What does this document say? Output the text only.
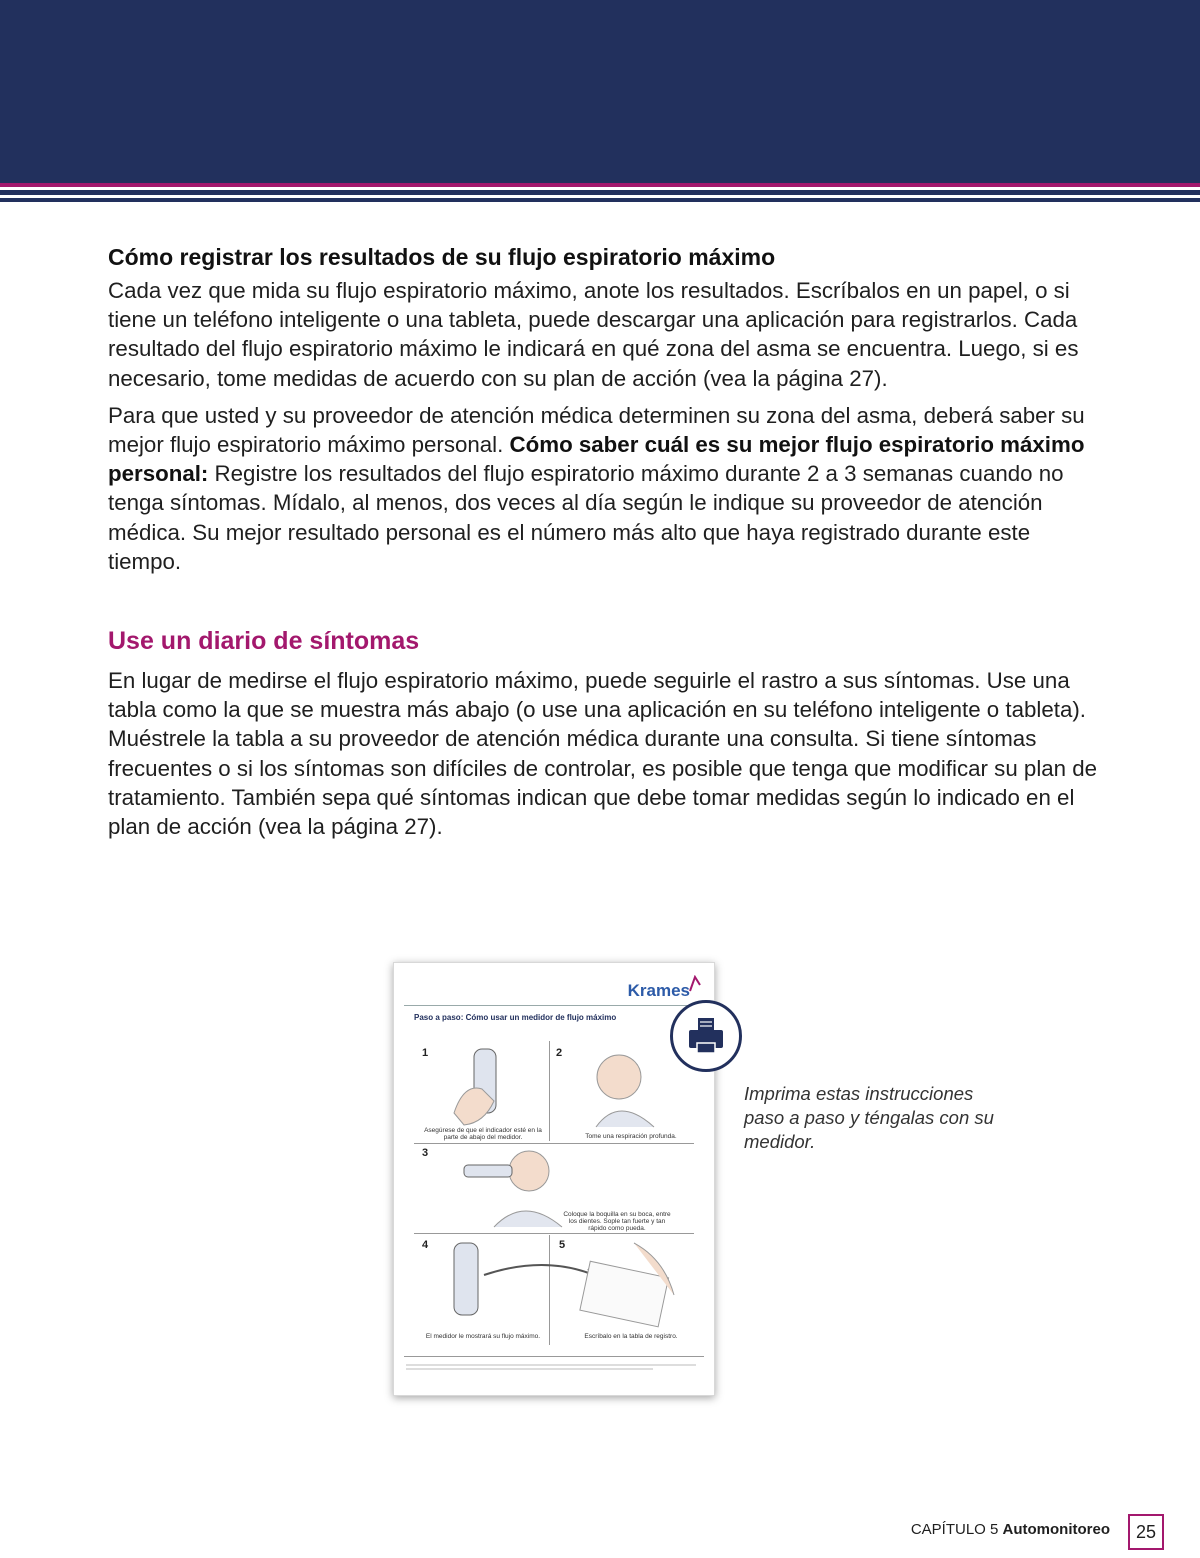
Cómo registrar los resultados de su flujo espiratorio máximo

Cada vez que mida su flujo espiratorio máximo, anote los resultados. Escríbalos en un papel, o si tiene un teléfono inteligente o una tableta, puede descargar una aplicación para registrarlos. Cada resultado del flujo espiratorio máximo le indicará en qué zona del asma se encuentra. Luego, si es necesario, tome medidas de acuerdo con su plan de acción (vea la página 27).

Para que usted y su proveedor de atención médica determinen su zona del asma, deberá saber su mejor flujo espiratorio máximo personal. Cómo saber cuál es su mejor flujo espiratorio máximo personal: Registre los resultados del flujo espiratorio máximo durante 2 a 3 semanas cuando no tenga síntomas. Mídalo, al menos, dos veces al día según le indique su proveedor de atención médica. Su mejor resultado personal es el número más alto que haya registrado durante este tiempo.

Use un diario de síntomas

En lugar de medirse el flujo espiratorio máximo, puede seguirle el rastro a sus síntomas. Use una tabla como la que se muestra más abajo (o use una aplicación en su teléfono inteligente o tableta). Muéstrele la tabla a su proveedor de atención médica durante una consulta. Si tiene síntomas frecuentes o si los síntomas son difíciles de controlar, es posible que tenga que modificar su plan de tratamiento. También sepa qué síntomas indican que debe tomar medidas según lo indicado en el plan de acción (vea la página 27).

Krames
Paso a paso: Cómo usar un medidor de flujo máximo
1	2
3
4	5
Asegúrese de que el indicador esté en la parte de abajo del medidor.	Tome una respiración profunda.
Coloque la boquilla en su boca, entre los dientes. Sople tan fuerte y tan rápido como pueda.
El medidor le mostrará su flujo máximo.	Escríbalo en la tabla de registro.
Imprima estas instrucciones paso a paso y téngalas con su medidor.
CAPÍTULO 5 Automonitoreo	25
